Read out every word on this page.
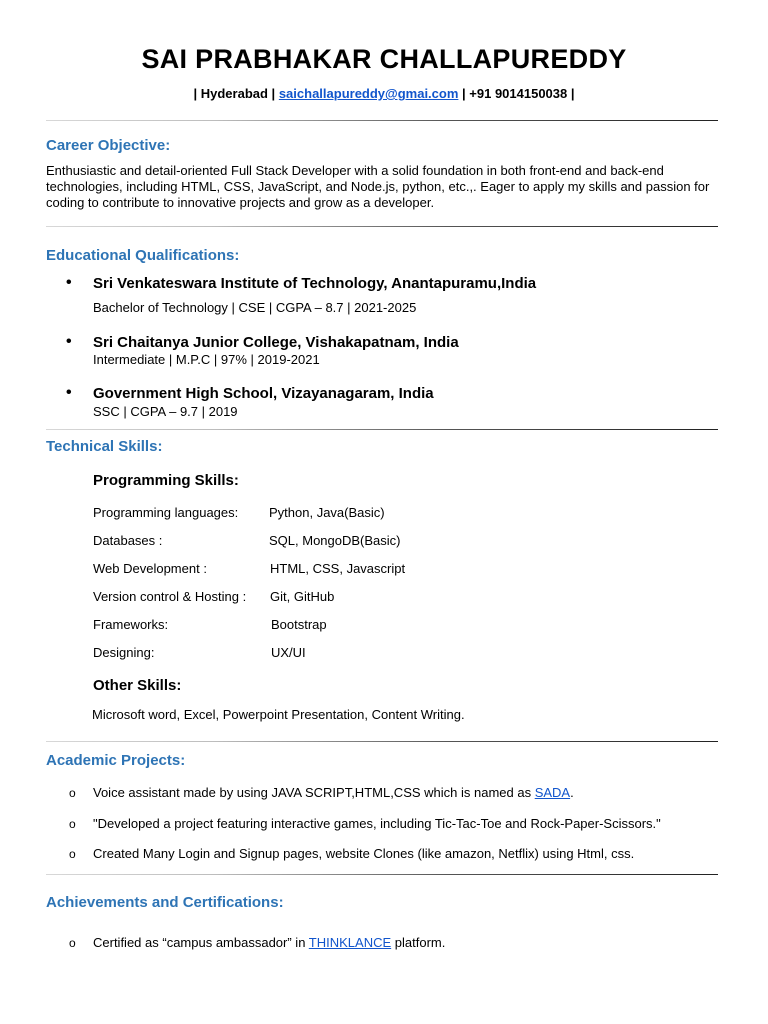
SAI PRABHAKAR CHALLAPUREDDY
| Hyderabad | saichallapureddy@gmai.com | +91 9014150038 |
Career Objective:
Enthusiastic and detail-oriented Full Stack Developer with a solid foundation in both front-end and back-end technologies, including HTML, CSS, JavaScript, and Node.js, python, etc.,. Eager to apply my skills and passion for coding to contribute to innovative projects and grow as a developer.
Educational Qualifications:
• Sri Venkateswara Institute of Technology, Anantapuramu,India
Bachelor of Technology | CSE | CGPA – 8.7 | 2021-2025
• Sri Chaitanya Junior College, Vishakapatnam, India
Intermediate | M.P.C | 97% | 2019-2021
• Government High School, Vizayanagaram, India
SSC | CGPA – 9.7 | 2019
Technical Skills:
Programming Skills:
Programming languages: Python, Java(Basic)
Databases :	SQL, MongoDB(Basic)
Web Development :	HTML, CSS, Javascript
Version control & Hosting : Git, GitHub
Frameworks:	Bootstrap
Designing:	UX/UI
Other Skills:
Microsoft word, Excel, Powerpoint Presentation, Content Writing.
Academic Projects:
o Voice assistant made by using JAVA SCRIPT,HTML,CSS which is named as SADA.
o "Developed a project featuring interactive games, including Tic-Tac-Toe and Rock-Paper-Scissors."
o Created Many Login and Signup pages, website Clones (like amazon, Netflix) using Html, css.
Achievements and Certifications:
o Certified as “campus ambassador” in THINKLANCE platform.
